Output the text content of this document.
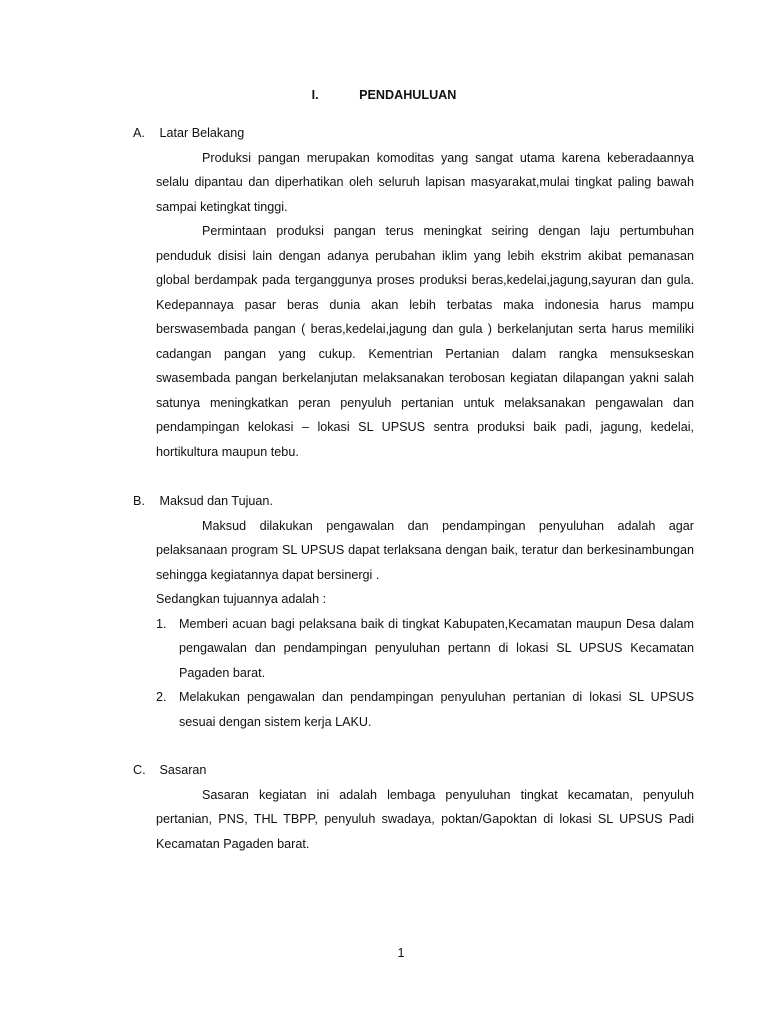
I.	PENDAHULUAN
A. Latar Belakang

Produksi pangan merupakan komoditas yang sangat utama karena keberadaannya selalu dipantau dan diperhatikan oleh seluruh lapisan masyarakat,mulai tingkat paling bawah sampai ketingkat tinggi.

Permintaan produksi pangan terus meningkat seiring dengan laju pertumbuhan penduduk disisi lain dengan adanya perubahan iklim yang lebih ekstrim akibat pemanasan global berdampak pada terganggunya proses produksi beras,kedelai,jagung,sayuran dan gula. Kedepannaya pasar beras dunia akan lebih terbatas maka indonesia harus mampu berswasembada pangan ( beras,kedelai,jagung dan gula ) berkelanjutan serta harus memiliki cadangan pangan yang cukup. Kementrian Pertanian dalam rangka mensukseskan swasembada pangan berkelanjutan melaksanakan terobosan kegiatan dilapangan yakni salah satunya meningkatkan peran penyuluh pertanian untuk melaksanakan pengawalan dan pendampingan kelokasi – lokasi SL UPSUS sentra produksi baik padi, jagung, kedelai, hortikultura maupun tebu.

B. Maksud dan Tujuan.

Maksud dilakukan pengawalan dan pendampingan penyuluhan adalah agar pelaksanaan program SL UPSUS dapat terlaksana dengan baik, teratur dan berkesinambungan sehingga kegiatannya dapat bersinergi .

Sedangkan tujuannya adalah :

1. Memberi acuan bagi pelaksana baik di tingkat Kabupaten,Kecamatan maupun Desa dalam pengawalan dan pendampingan penyuluhan pertann di lokasi SL UPSUS Kecamatan Pagaden barat.
2. Melakukan pengawalan dan pendampingan penyuluhan pertanian di lokasi SL UPSUS sesuai dengan sistem kerja LAKU.
C. Sasaran

Sasaran kegiatan ini adalah lembaga penyuluhan tingkat kecamatan, penyuluh pertanian, PNS, THL TBPP, penyuluh swadaya, poktan/Gapoktan di lokasi SL UPSUS Padi Kecamatan Pagaden barat.

1
